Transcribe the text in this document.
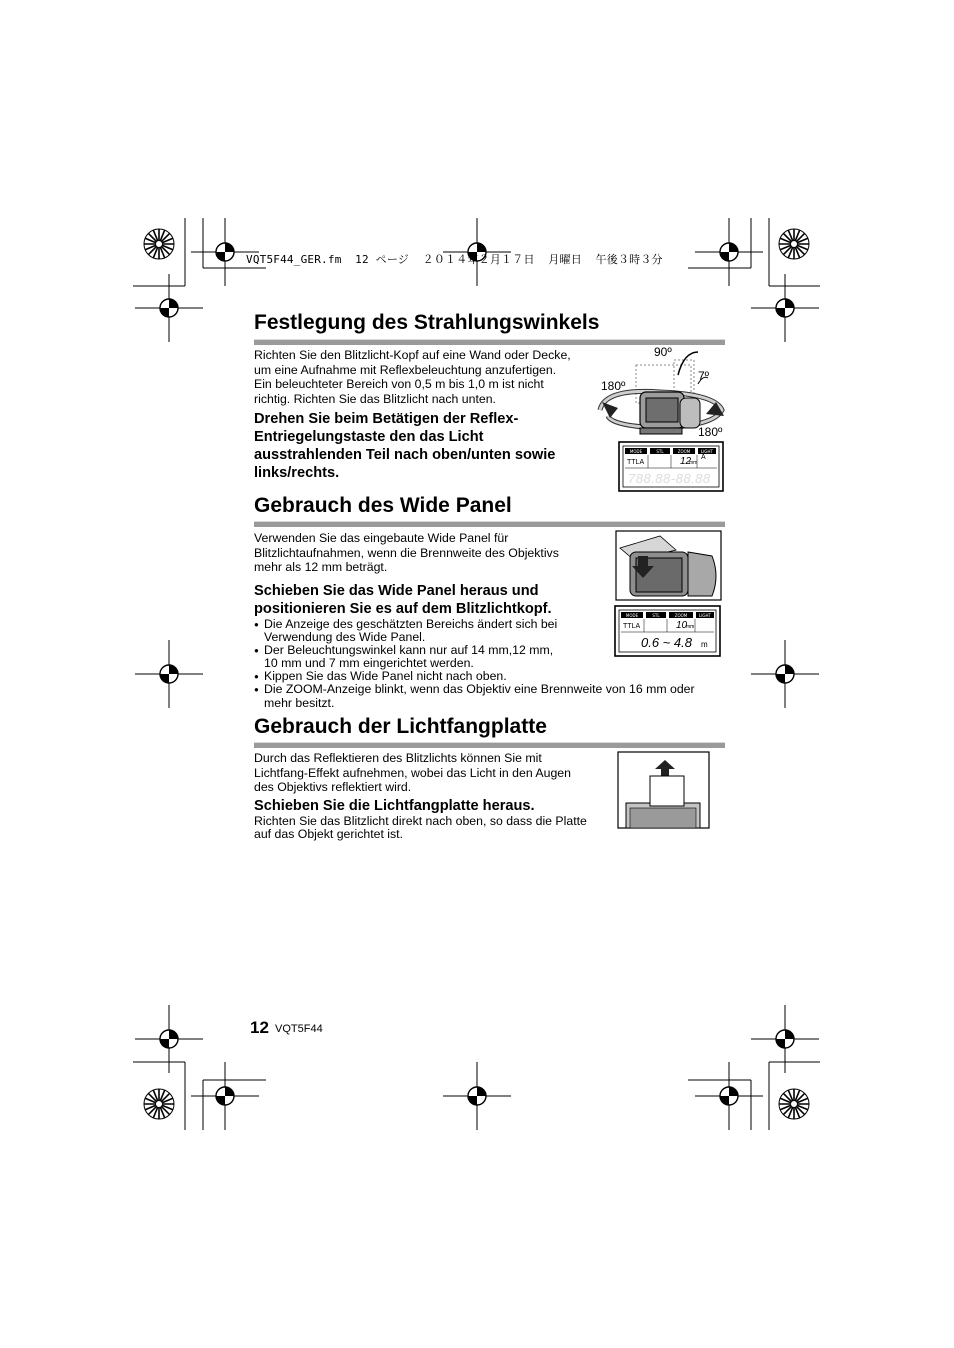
VQT5F44_GER.fm  12 ページ  ２０１４年２月１７日  月曜日  午後３時３分
Festlegung des Strahlungswinkels
Richten Sie den Blitzlicht-Kopf auf eine Wand oder Decke,
um eine Aufnahme mit Reflexbeleuchtung anzufertigen.
Ein beleuchteter Bereich von 0,5 m bis 1,0 m ist nicht
richtig. Richten Sie das Blitzlicht nach unten.
Drehen Sie beim Betätigen der Reflex-
Entriegelungstaste den das Licht
ausstrahlenden Teil nach oben/unten sowie
links/rechts.
90º
7º
180º
180º
MODE	STL	ZOOM	LIGHT
TTLA	12
mm
A
788.88-88.88
Gebrauch des Wide Panel
Verwenden Sie das eingebaute Wide Panel für
Blitzlichtaufnahmen, wenn die Brennweite des Objektivs
mehr als 12 mm beträgt.
Schieben Sie das Wide Panel heraus und
positionieren Sie es auf dem Blitzlichtkopf.
● Die Anzeige des geschätzten Bereichs ändert sich bei
Verwendung des Wide Panel.
● Der Beleuchtungswinkel kann nur auf 14 mm,12 mm,
10 mm und 7 mm eingerichtet werden.
● Kippen Sie das Wide Panel nicht nach oben.
● Die ZOOM-Anzeige blinkt, wenn das Objektiv eine Brennweite von 16 mm oder
mehr besitzt.
MODE	STL	ZOOM	LIGHT
TTLA	10
mm
0.6 ~ 4.8 m
Gebrauch der Lichtfangplatte
Durch das Reflektieren des Blitzlichts können Sie mit
Lichtfang-Effekt aufnehmen, wobei das Licht in den Augen
des Objektivs reflektiert wird.
Schieben Sie die Lichtfangplatte heraus.
Richten Sie das Blitzlicht direkt nach oben, so dass die Platte
auf das Objekt gerichtet ist.
12 VQT5F44
